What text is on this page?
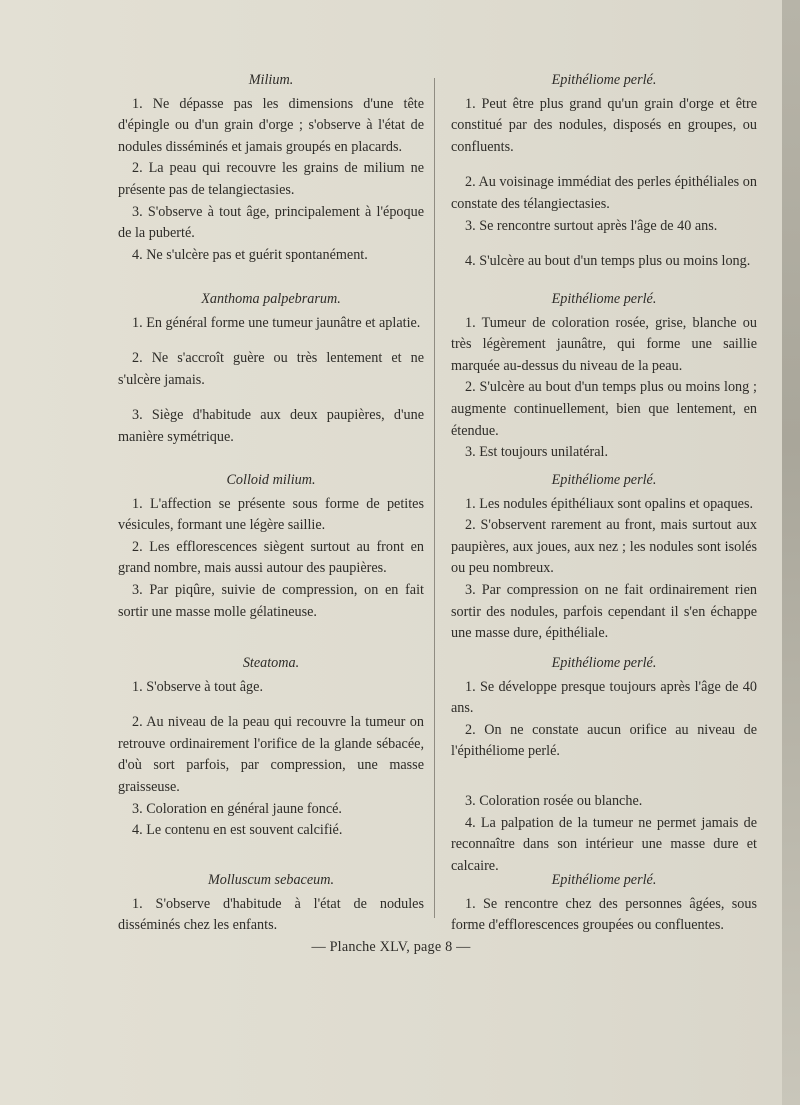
Milium.

1. Ne dépasse pas les dimensions d'une tête d'épingle ou d'un grain d'orge ; s'observe à l'état de nodules disséminés et jamais groupés en placards.

2. La peau qui recouvre les grains de milium ne présente pas de telangiectasies.

3. S'observe à tout âge, principalement à l'époque de la puberté.

4. Ne s'ulcère pas et guérit spontanément.

Xanthoma palpebrarum.

1. En général forme une tumeur jaunâtre et aplatie.

2. Ne s'accroît guère ou très lentement et ne s'ulcère jamais.

3. Siège d'habitude aux deux paupières, d'une manière symétrique.

Colloid milium.

1. L'affection se présente sous forme de petites vésicules, formant une légère saillie.

2. Les efflorescences siègent surtout au front en grand nombre, mais aussi autour des paupières.

3. Par piqûre, suivie de compression, on en fait sortir une masse molle gélatineuse.

Steatoma.

1. S'observe à tout âge.

2. Au niveau de la peau qui recouvre la tumeur on retrouve ordinairement l'orifice de la glande sébacée, d'où sort parfois, par compression, une masse graisseuse.

3. Coloration en général jaune foncé.

4. Le contenu en est souvent calcifié.

Molluscum sebaceum.

1. S'observe d'habitude à l'état de nodules disséminés chez les enfants.

Epithéliome perlé.

1. Peut être plus grand qu'un grain d'orge et être constitué par des nodules, disposés en groupes, ou confluents.

2. Au voisinage immédiat des perles épithéliales on constate des télangiectasies.

3. Se rencontre surtout après l'âge de 40 ans.

4. S'ulcère au bout d'un temps plus ou moins long.

Epithéliome perlé.

1. Tumeur de coloration rosée, grise, blanche ou très légèrement jaunâtre, qui forme une saillie marquée au-dessus du niveau de la peau.

2. S'ulcère au bout d'un temps plus ou moins long ; augmente continuellement, bien que lentement, en étendue.

3. Est toujours unilatéral.

Epithéliome perlé.

1. Les nodules épithéliaux sont opalins et opaques.

2. S'observent rarement au front, mais surtout aux paupières, aux joues, aux nez ; les nodules sont isolés ou peu nombreux.

3. Par compression on ne fait ordinairement rien sortir des nodules, parfois cependant il s'en échappe une masse dure, épithéliale.

Epithéliome perlé.

1. Se développe presque toujours après l'âge de 40 ans.

2. On ne constate aucun orifice au niveau de l'épithéliome perlé.

3. Coloration rosée ou blanche.

4. La palpation de la tumeur ne permet jamais de reconnaître dans son intérieur une masse dure et calcaire.

Epithéliome perlé.

1. Se rencontre chez des personnes âgées, sous forme d'efflorescences groupées ou confluentes.

— Planche XLV, page 8 —
